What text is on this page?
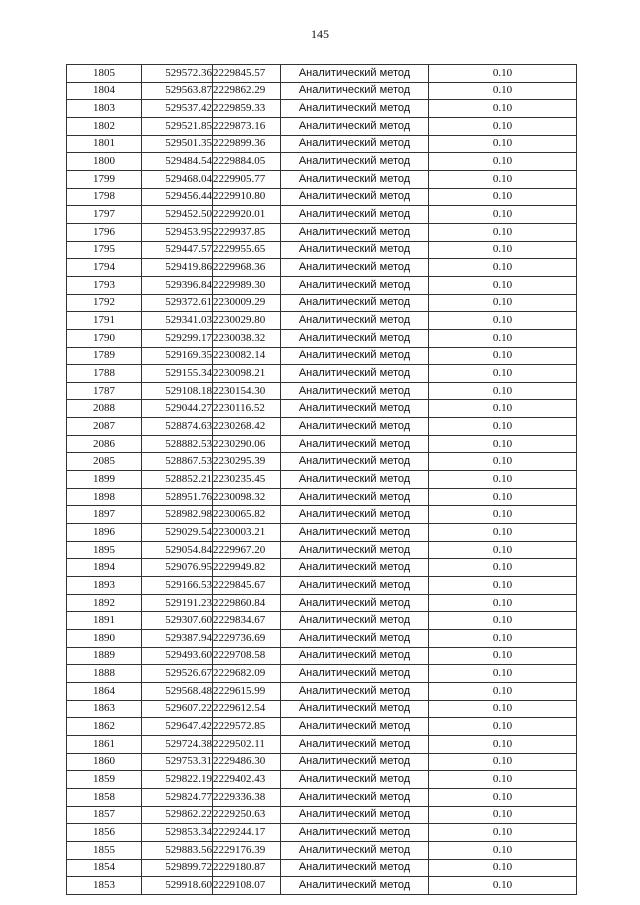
145
1805	529572.36	2229845.57	Аналитический метод	0.10
1804	529563.87	2229862.29	Аналитический метод	0.10
1803	529537.42	2229859.33	Аналитический метод	0.10
1802	529521.85	2229873.16	Аналитический метод	0.10
1801	529501.35	2229899.36	Аналитический метод	0.10
1800	529484.54	2229884.05	Аналитический метод	0.10
1799	529468.04	2229905.77	Аналитический метод	0.10
1798	529456.44	2229910.80	Аналитический метод	0.10
1797	529452.50	2229920.01	Аналитический метод	0.10
1796	529453.95	2229937.85	Аналитический метод	0.10
1795	529447.57	2229955.65	Аналитический метод	0.10
1794	529419.86	2229968.36	Аналитический метод	0.10
1793	529396.84	2229989.30	Аналитический метод	0.10
1792	529372.61	2230009.29	Аналитический метод	0.10
1791	529341.03	2230029.80	Аналитический метод	0.10
1790	529299.17	2230038.32	Аналитический метод	0.10
1789	529169.35	2230082.14	Аналитический метод	0.10
1788	529155.34	2230098.21	Аналитический метод	0.10
1787	529108.18	2230154.30	Аналитический метод	0.10
2088	529044.27	2230116.52	Аналитический метод	0.10
2087	528874.63	2230268.42	Аналитический метод	0.10
2086	528882.53	2230290.06	Аналитический метод	0.10
2085	528867.53	2230295.39	Аналитический метод	0.10
1899	528852.21	2230235.45	Аналитический метод	0.10
1898	528951.76	2230098.32	Аналитический метод	0.10
1897	528982.98	2230065.82	Аналитический метод	0.10
1896	529029.54	2230003.21	Аналитический метод	0.10
1895	529054.84	2229967.20	Аналитический метод	0.10
1894	529076.95	2229949.82	Аналитический метод	0.10
1893	529166.53	2229845.67	Аналитический метод	0.10
1892	529191.23	2229860.84	Аналитический метод	0.10
1891	529307.60	2229834.67	Аналитический метод	0.10
1890	529387.94	2229736.69	Аналитический метод	0.10
1889	529493.60	2229708.58	Аналитический метод	0.10
1888	529526.67	2229682.09	Аналитический метод	0.10
1864	529568.48	2229615.99	Аналитический метод	0.10
1863	529607.22	2229612.54	Аналитический метод	0.10
1862	529647.42	2229572.85	Аналитический метод	0.10
1861	529724.38	2229502.11	Аналитический метод	0.10
1860	529753.31	2229486.30	Аналитический метод	0.10
1859	529822.19	2229402.43	Аналитический метод	0.10
1858	529824.77	2229336.38	Аналитический метод	0.10
1857	529862.22	2229250.63	Аналитический метод	0.10
1856	529853.34	2229244.17	Аналитический метод	0.10
1855	529883.56	2229176.39	Аналитический метод	0.10
1854	529899.72	2229180.87	Аналитический метод	0.10
1853	529918.60	2229108.07	Аналитический метод	0.10
